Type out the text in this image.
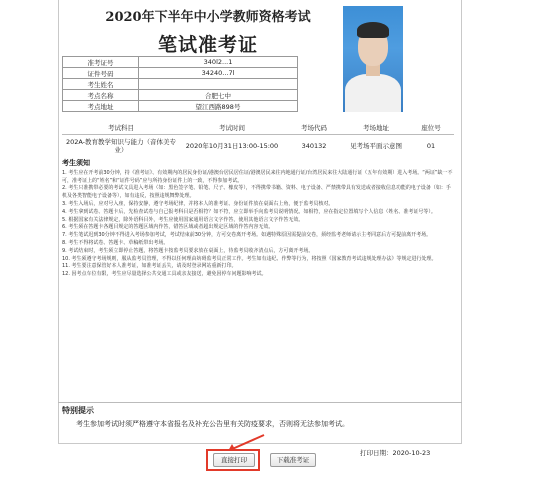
2020年下半年中小学教师资格考试
笔试准考证
准考证号	340l2...1
证件号码	34240...7l
考生姓名	
考点名称	合肥七中
考点地址	望江西路898号
考试科目	考试时间	考场代码	考场地址	座位号
202A-教育教学知识与能力（音体美专业）	2020年10月31日13:00-15:00	340132	见考场平面示意图	01
考生须知

1. 考生应在开考前30分钟，持《准考证》、有效期内的居民身份证/港澳台居民居住证/港澳居民来往内地通行证/台湾居民来往大陆通行证（五年有效期）进入考场。“两证”缺一不可，准考证上的“姓名”和“证件号码”应与所持身份证件上的一致，不得参加考试。

2. 考生只准携带必要的考试文具进入考场（如：黑色签字笔、铅笔、尺子、橡皮等），不得携带书籍、资料、电子设备、严禁携带具有发送或者接收信息功能的电子设备（如：手机及各类智能电子设备等），如有违反，按照违规舞弊处理。

3. 考生入场后，应对号入座，保持安静，遵守考场纪律，并将本人的准考证、身份证件放在桌面右上角，便于监考员核对。

4. 考生拿到试卷、答题卡后，先检查试卷与自己报考科目是否相符？如不符，应立即举手向监考员说明情况。如相符，应在指定位置填写个人信息（姓名、准考证号等）。

5. 根据国家有关法律规定，除外语科目外，考生应使用国家通用语言文字作答，使用其他语言文字作答无效。

6. 考生须在答题卡各题目规定的答题区域内作答，错答区域或者超出规定区域的作答内容无效。

7. 考生笔试迟到30分钟不得进入考场参加考试，考试结束前30分钟，方可交卷离开考场。如遇特殊原因需提前交卷，须经监考老师请示主考同意后方可提前离开考场。

8. 考生不得将试卷、答题卡、草稿纸带出考场。

9. 考试结束时，考生须立即停止答题，将答题卡按监考员要求放在桌面上，待监考员收齐清点后，方可离开考场。

10. 考生须遵守考场规则，服从监考员管理，不得以任何理由妨碍监考员正常工作。考生如有违纪、作弊等行为，将按照《国家教育考试违规处理办法》等规定进行处理。

11. 考生要注意保管好本人准考证，如准考证丢失，请及时登录网站重新打印。

12. 因考点车位有限，考生应尽量选择公共交通工具或亲友接送，避免因停车问题影响考试。

特别提示
考生参加考试时须严格遵守本省报名及补充公告里有关防疫要求，否则将无法参加考试。
打印日期：2020-10-23
直接打印	下载准考证
